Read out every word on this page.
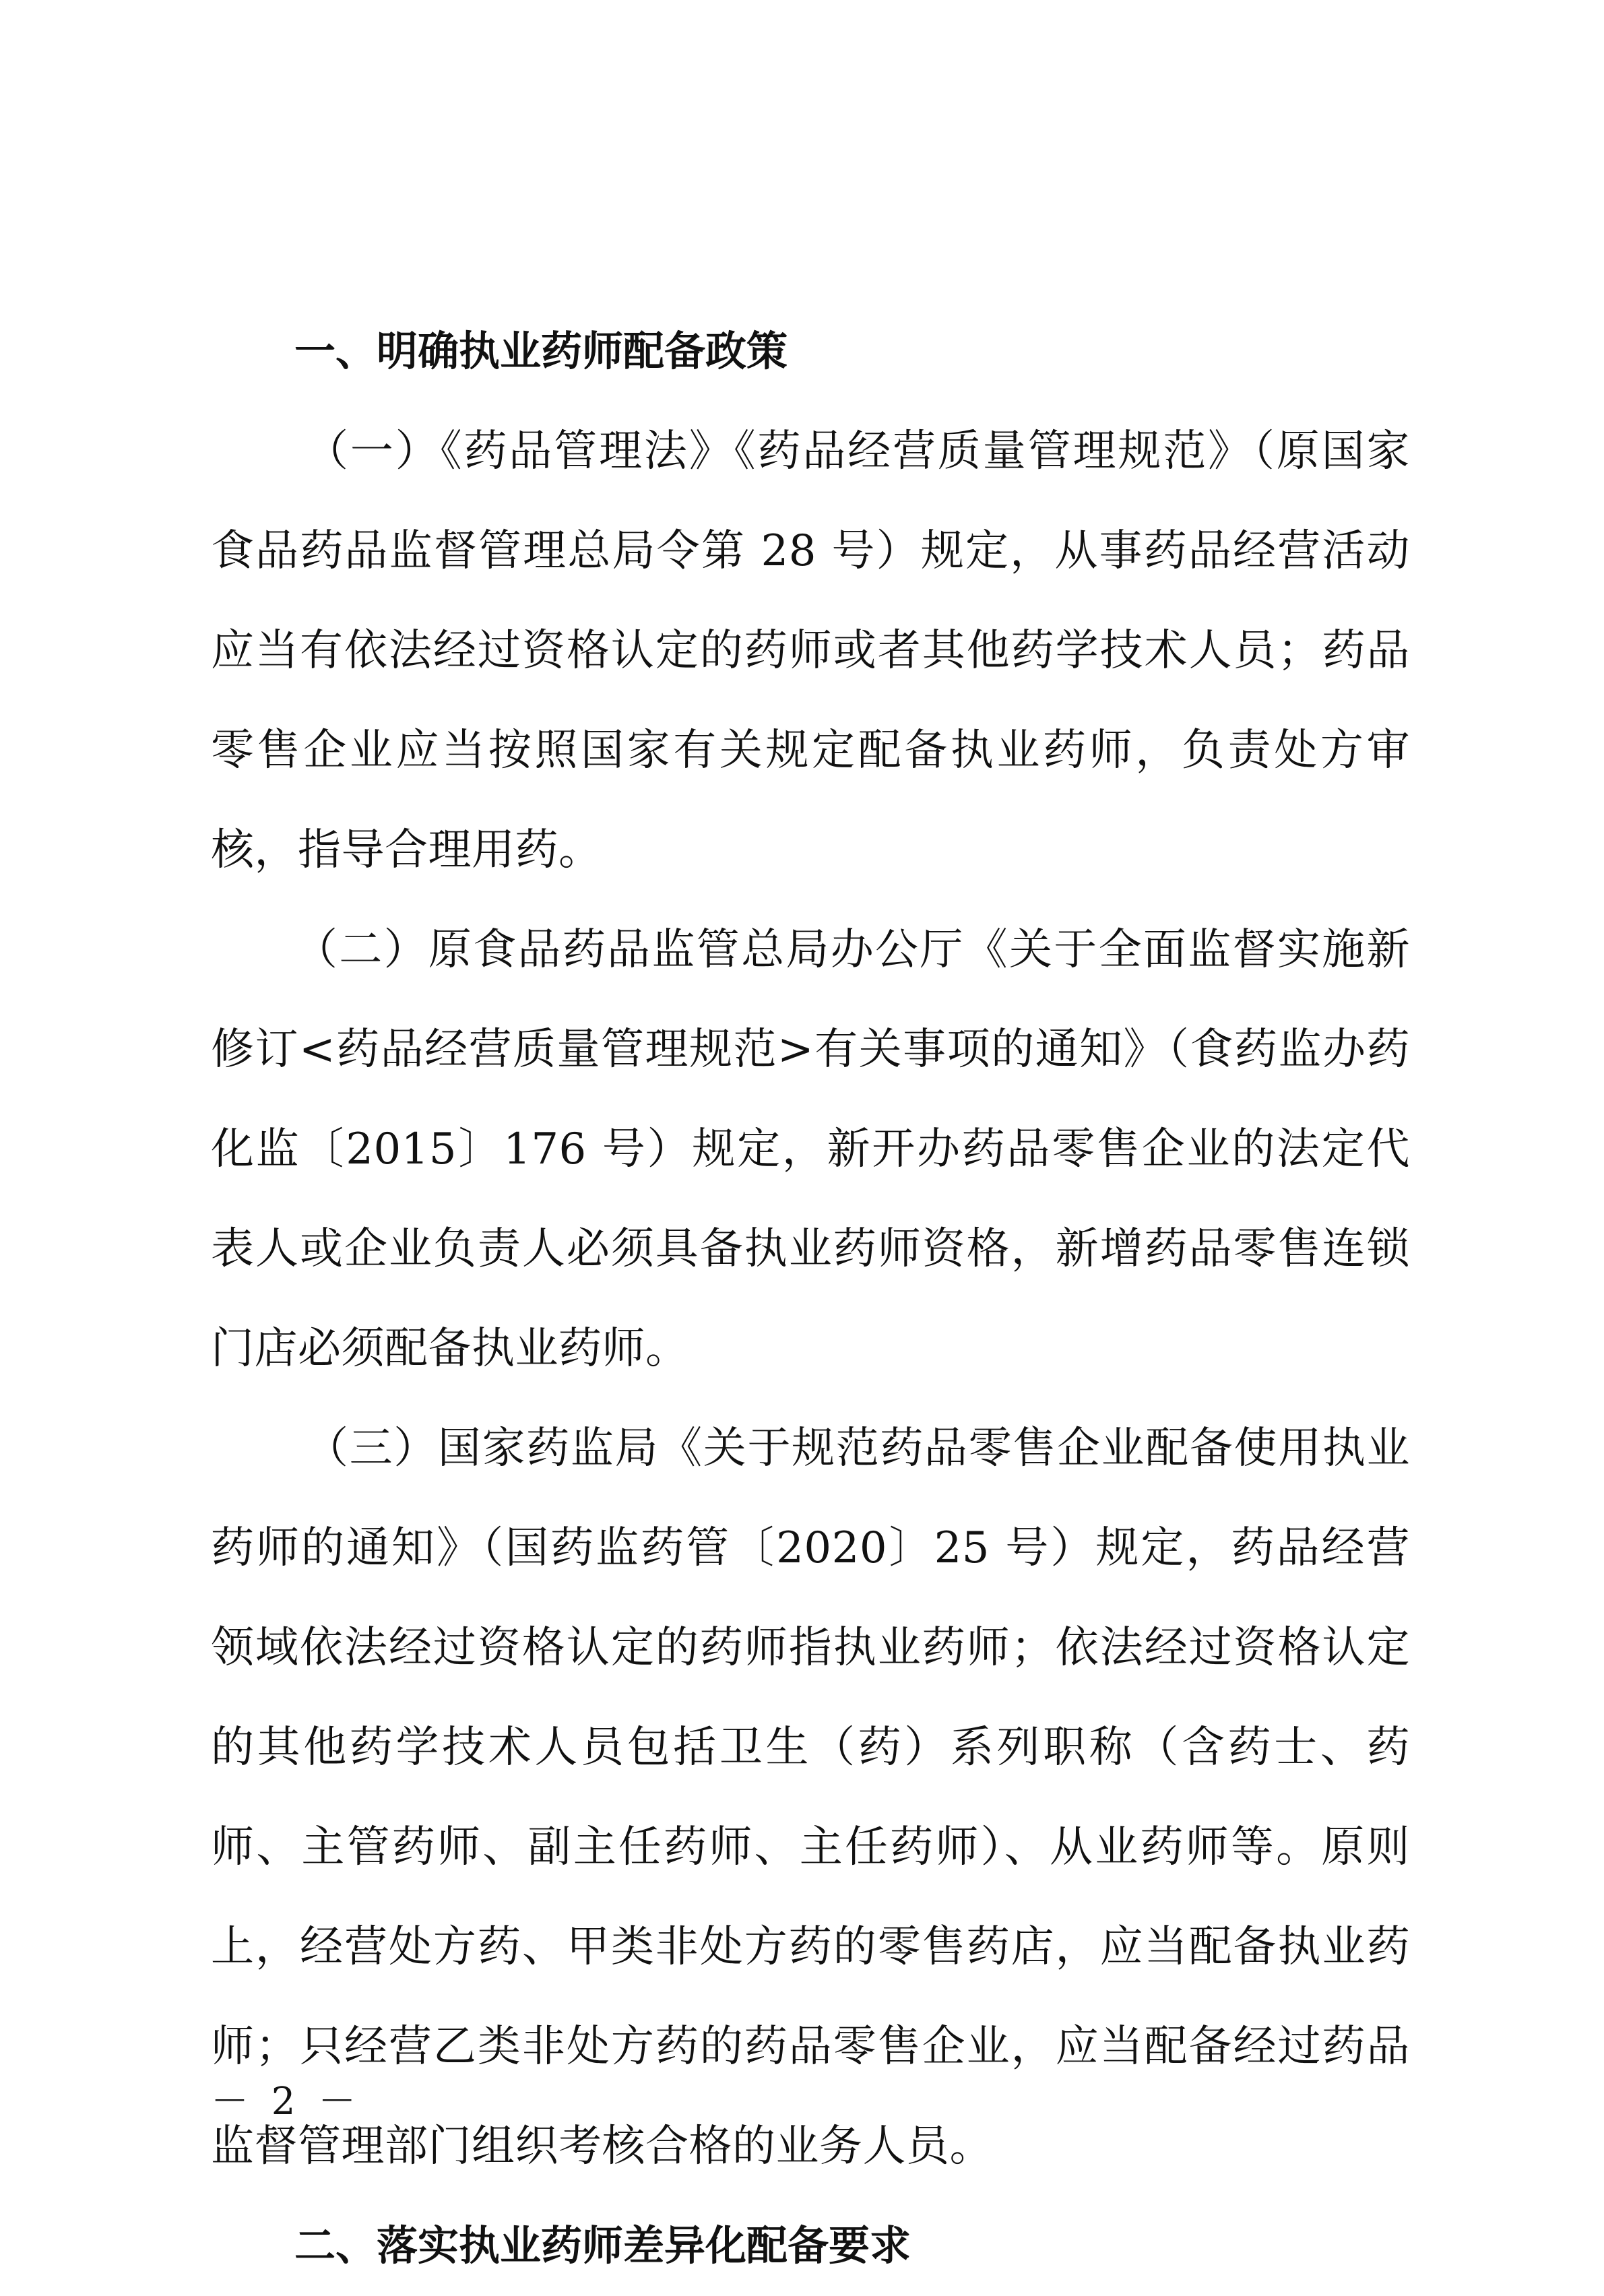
一、明确执业药师配备政策

（一）《药品管理法》《药品经营质量管理规范》（原国家食品药品监督管理总局令第 28 号）规定，从事药品经营活动应当有依法经过资格认定的药师或者其他药学技术人员；药品零售企业应当按照国家有关规定配备执业药师，负责处方审核，指导合理用药。

（二）原食品药品监管总局办公厅《关于全面监督实施新修订<药品经营质量管理规范>有关事项的通知》（食药监办药化监〔2015〕176 号）规定，新开办药品零售企业的法定代表人或企业负责人必须具备执业药师资格，新增药品零售连锁门店必须配备执业药师。

（三）国家药监局《关于规范药品零售企业配备使用执业药师的通知》（国药监药管〔2020〕25 号）规定，药品经营领域依法经过资格认定的药师指执业药师；依法经过资格认定的其他药学技术人员包括卫生（药）系列职称（含药士、药师、主管药师、副主任药师、主任药师）、从业药师等。原则上，经营处方药、甲类非处方药的零售药店，应当配备执业药师；只经营乙类非处方药的药品零售企业，应当配备经过药品监督管理部门组织考核合格的业务人员。

二、落实执业药师差异化配备要求
－ 2 －
